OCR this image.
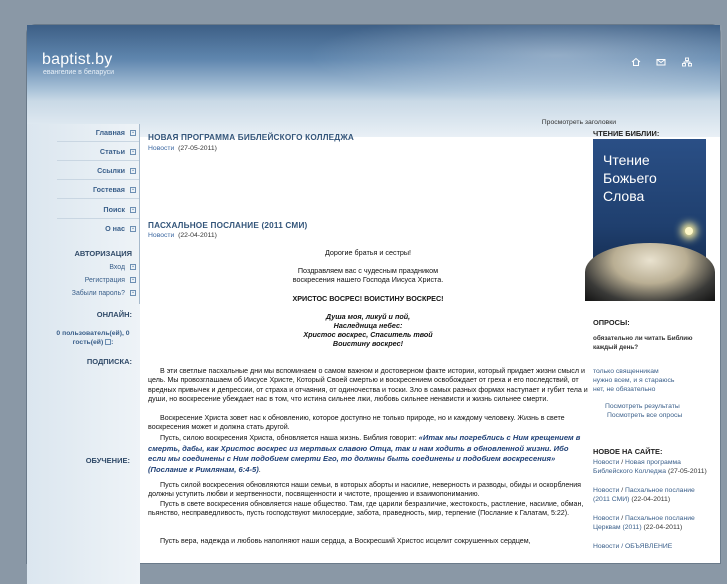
baptist.by
евангелие в беларуси
Главная ▪
Статьи ▪
Ссылки ▪
Гостевая ▪
Поиск ▪
О нас ▪
АВТОРИЗАЦИЯ
Вход ▪
Регистрация ▪
Забыли пароль? ▪
ОНЛАЙН:
0 пользователь(ей), 0 гость(ей) :
ПОДПИСКА:
ОБУЧЕНИЕ:
Просмотреть заголовки
НОВАЯ ПРОГРАММА БИБЛЕЙСКОГО КОЛЛЕДЖА
Новости (27-05-2011)
ПАСХАЛЬНОЕ ПОСЛАНИЕ (2011 СМИ)
Новости (22-04-2011)
Дорогие братья и сестры!
Поздравляем вас с чудесным праздником
воскресения нашего Господа Иисуса Христа.
ХРИСТОС ВОСРЕС! ВОИСТИНУ ВОСКРЕС!
Душа моя, ликуй и пой,
Наследница небес:
Христос воскрес, Спаситель твой
Воистину воскрес!
В эти светлые пасхальные дни мы вспоминаем о самом важном и достоверном факте истории, который придает жизни смысл и цель. Мы провозглашаем об Иисусе Христе, Который Своей смертью и воскресением освобождает от греха и его последствий, от вредных привычек и депрессии, от страха и отчаяния, от одиночества и тоски. Зло в самых разных формах наступает и губит тела и души, но воскресение убеждает нас в том, что истина сильнее лжи, любовь сильнее ненависти и жизнь сильнее смерти.
Воскресение Христа зовет нас к обновлению, которое доступно не только природе, но и каждому человеку. Жизнь в свете воскресения может и должна стать другой.
Пусть, силою воскресения Христа, обновляется наша жизнь. Библия говорит: «Итак мы погреблись с Ним крещением в смерть, дабы, как Христос воскрес из мертвых славою Отца, так и нам ходить в обновленной жизни. Ибо если мы соединены с Ним подобием смерти Его, то должны быть соединены и подобием воскресения» (Послание к Римлянам, 6:4-5).
Пусть силой воскресения обновляются наши семьи, в которых аборты и насилие, неверность и разводы, обиды и оскорбления должны уступить любви и жертвенности, посвященности и чистоте, прощению и взаимопониманию.
Пусть в свете воскресения обновляется наше общество. Там, где царили безразличие, жестокость, растление, насилие, обман, пьянство, несправедливость, пусть господствуют милосердие, забота, праведность, мир, терпение (Послание к Галатам, 5:22).
Пусть вера, надежда и любовь наполняют наши сердца, а Воскресший Христос исцелит сокрушенных сердцем,
ЧТЕНИЕ БИБЛИИ:
Чтение
Божьего
Слова
ОПРОСЫ:
обязательно ли читать Библию каждый день?
только священникам
нужно всем, и я стараюсь
нет, не обязательно
Посмотреть результаты
Посмотреть все опросы
НОВОЕ НА САЙТЕ:
Новости / Новая программа Библейского Колледжа (27-05-2011)
Новости / Пасхальное послание (2011 СМИ) (22-04-2011)
Новости / Пасхальное послание Церквам (2011) (22-04-2011)
Новости / ОБЪЯВЛЕНИЕ
